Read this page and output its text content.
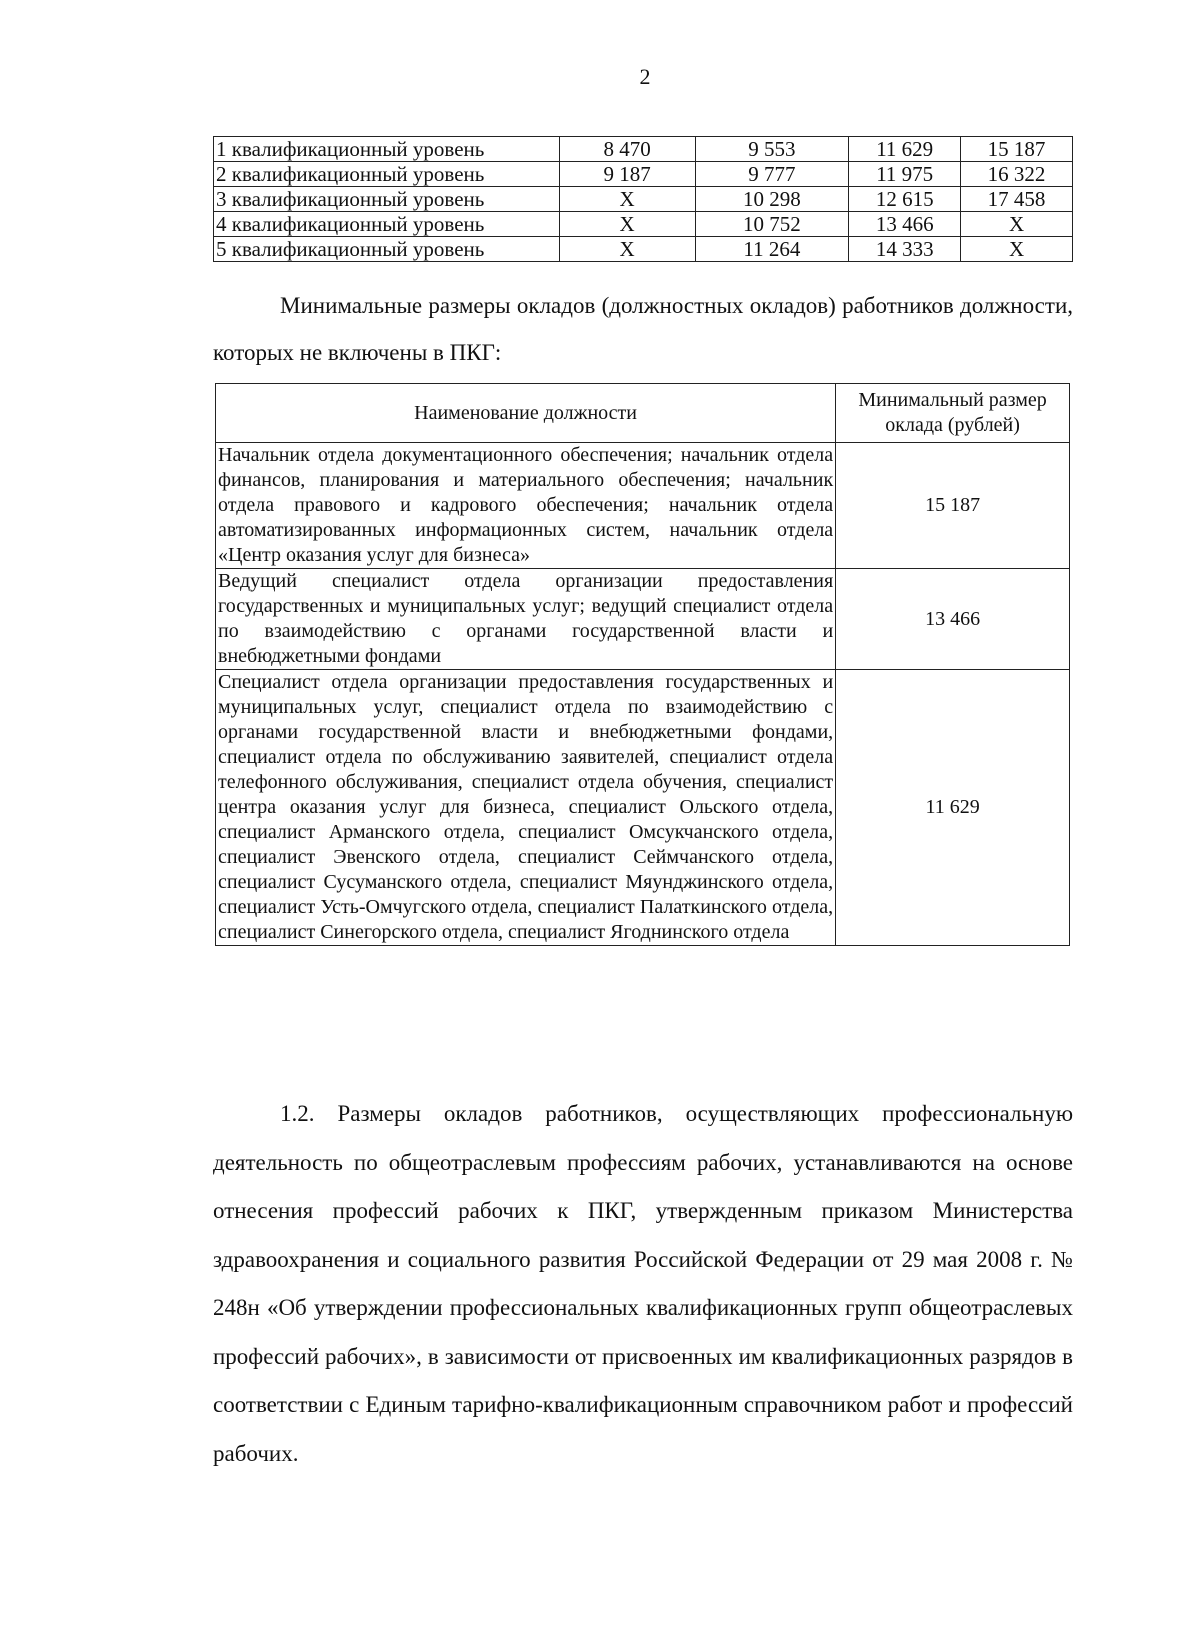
2
1 квалификационный уровень	8 470	9 553	11 629	15 187
2 квалификационный уровень	9 187	9 777	11 975	16 322
3 квалификационный уровень	X	10 298	12 615	17 458
4 квалификационный уровень	X	10 752	13 466	X
5 квалификационный уровень	X	11 264	14 333	X

Минимальные размеры окладов (должностных окладов) работников должности, которых не включены в ПКГ:

Наименование должности	Минимальный размер оклада (рублей)
Начальник отдела документационного обеспечения; начальник отдела финансов, планирования и материального обеспечения; начальник отдела правового и кадрового обеспечения; начальник отдела автоматизированных информационных систем, начальник отдела «Центр оказания услуг для бизнеса»	15 187
Ведущий специалист отдела организации предоставления государственных и муниципальных услуг; ведущий специалист отдела по взаимодействию с органами государственной власти и внебюджетными фондами	13 466
Специалист отдела организации предоставления государственных и муниципальных услуг, специалист отдела по взаимодействию с органами государственной власти и внебюджетными фондами, специалист отдела по обслуживанию заявителей, специалист отдела телефонного обслуживания, специалист отдела обучения, специалист центра оказания услуг для бизнеса, специалист Ольского отдела, специалист Арманского отдела, специалист Омсукчанского отдела, специалист Эвенского отдела, специалист Сеймчанского отдела, специалист Сусуманского отдела, специалист Мяунджинского отдела, специалист Усть-Омчугского отдела, специалист Палаткинского отдела, специалист Синегорского отдела, специалист Ягоднинского отдела	11 629

1.2. Размеры окладов работников, осуществляющих профессиональную деятельность по общеотраслевым профессиям рабочих, устанавливаются на основе отнесения профессий рабочих к ПКГ, утвержденным приказом Министерства здравоохранения и социального развития Российской Федерации от 29 мая 2008 г. № 248н «Об утверждении профессиональных квалификационных групп общеотраслевых профессий рабочих», в зависимости от присвоенных им квалификационных разрядов в соответствии с Единым тарифно-квалификационным справочником работ и профессий рабочих.
